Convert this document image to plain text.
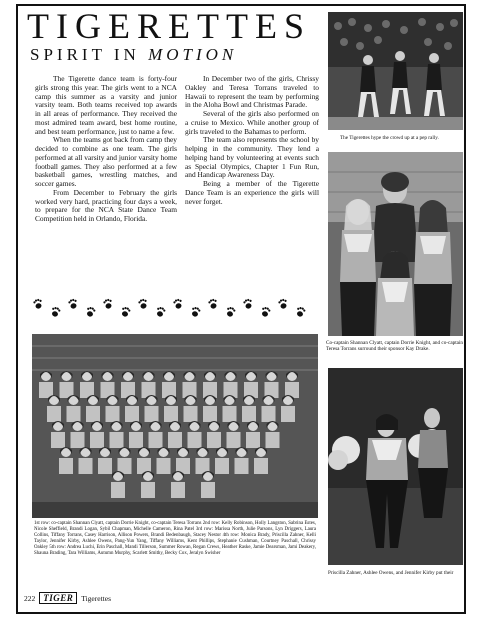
TIGERETTES
SPIRIT IN MOTION

The Tigerette dance team is forty-four girls strong this year. The girls went to a NCA camp this summer as a varsity and junior varsity team. Both teams received top awards in all areas of performance. They received the most admired team award, best home routine, and best team performance, just to name a few.

When the teams got back from camp they decided to combine as one team. The girls performed at all varsity and junior varsity home football games. They also performed at a few basketball games, wrestling matches, and soccer games.

From December to February the girls worked very hard, practicing four days a week, to prepare for the NCA State Dance Team Competition held in Orlando, Florida.

In December two of the girls, Chrissy Oakley and Teresa Torrans traveled to Hawaii to represent the team by performing in the Aloha Bowl and Christmas Parade.

Several of the girls also performed on a cruise to Mexico. While another group of girls traveled to the Bahamas to perform.

The team also represents the school by helping in the community. They lend a helping hand by volunteering at events such as Special Olympics, Chapter 1 Fun Run, and Handicap Awareness Day.

Being a member of the Tigerette Dance Team is an experience the girls will never forget.

The Tigerettes hype the crowd up at a pep rally.
Co-captain Shannan Clyatt, captain Dorrie Knight, and co-captain Teresa Torrans surround their sponsor Kay Drake.
1st row: co-captain Shannan Clyatt, captain Dorrie Knight, co-captain Teresa Torrans 2nd row: Kelly Robinson, Holly Langston, Sabrina Estes, Nicole Sheffield, Brandi Logan, Sybil Chapman, Michelle Cameron, Rina Patel 3rd row: Marissa North, Julie Parsons, Lyn Driggers, Laura Collins, Tiffany Torrans, Casey Harrison, Allison Powers, Brandi Bedenbaugh, Stacey Nestor 4th row: Monica Brady, Priscilla Zahner, Kelli Taylor, Jennifer Kirby, Ashlee Owens, Pang-Yun Yang, Tiffany Williams, Kent Phillips, Stephanie Cushman, Courtney Paschall, Chrissy Oakley 5th row: Andrea Luchi, Erin Paschall, Mandi Tillerson, Summer Rowan, Regan Crews, Heather Raske, Jamie Dearsman, Jami Deakery, Shauna Brading, Tara Williams, Autumn Murphy, Scarlett Smithy, Becky Cox, Jeralyn Swisher
Priscilla Zahner, Ashlee Owens, and Jennifer Kirby put their
222 TIGER	Tigerettes
